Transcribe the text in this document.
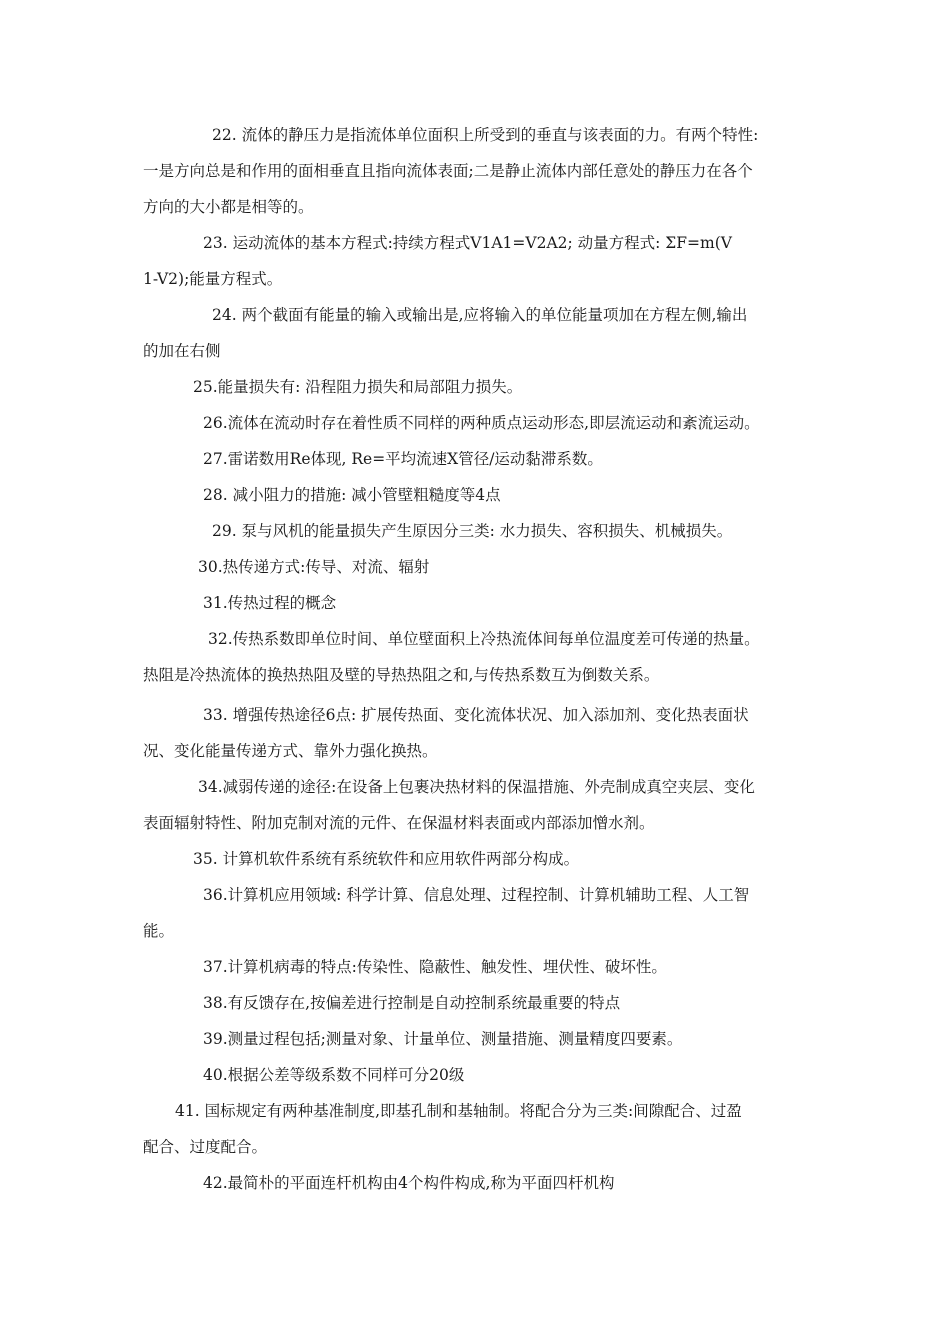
22. 流体的静压力是指流体单位面积上所受到的垂直与该表面的力。有两个特性:
一是方向总是和作用的面相垂直且指向流体表面;二是静止流体内部任意处的静压力在各个
方向的大小都是相等的。
23. 运动流体的基本方程式:持续方程式V1A1=V2A2; 动量方程式: ΣF=m(V
1-V2);能量方程式。
24. 两个截面有能量的输入或输出是,应将输入的单位能量项加在方程左侧,输出
的加在右侧
25.能量损失有: 沿程阻力损失和局部阻力损失。
26.流体在流动时存在着性质不同样的两种质点运动形态,即层流运动和紊流运动。
27.雷诺数用Re体现, Re=平均流速X管径/运动黏滞系数。
28. 减小阻力的措施: 减小管壁粗糙度等4点
29. 泵与风机的能量损失产生原因分三类: 水力损失、容积损失、机械损失。
30.热传递方式:传导、对流、辐射
31.传热过程的概念
32.传热系数即单位时间、单位壁面积上冷热流体间每单位温度差可传递的热量。
热阻是冷热流体的换热热阻及壁的导热热阻之和,与传热系数互为倒数关系。
33. 增强传热途径6点: 扩展传热面、变化流体状况、加入添加剂、变化热表面状
况、变化能量传递方式、靠外力强化换热。
34.减弱传递的途径:在设备上包裹决热材料的保温措施、外壳制成真空夹层、变化
表面辐射特性、附加克制对流的元件、在保温材料表面或内部添加憎水剂。
35. 计算机软件系统有系统软件和应用软件两部分构成。
36.计算机应用领域: 科学计算、信息处理、过程控制、计算机辅助工程、人工智
能。
37.计算机病毒的特点:传染性、隐蔽性、触发性、埋伏性、破坏性。
38.有反馈存在,按偏差进行控制是自动控制系统最重要的特点
39.测量过程包括;测量对象、计量单位、测量措施、测量精度四要素。
40.根据公差等级系数不同样可分20级
41. 国标规定有两种基准制度,即基孔制和基轴制。将配合分为三类:间隙配合、过盈
配合、过度配合。
42.最简朴的平面连杆机构由4个构件构成,称为平面四杆机构
